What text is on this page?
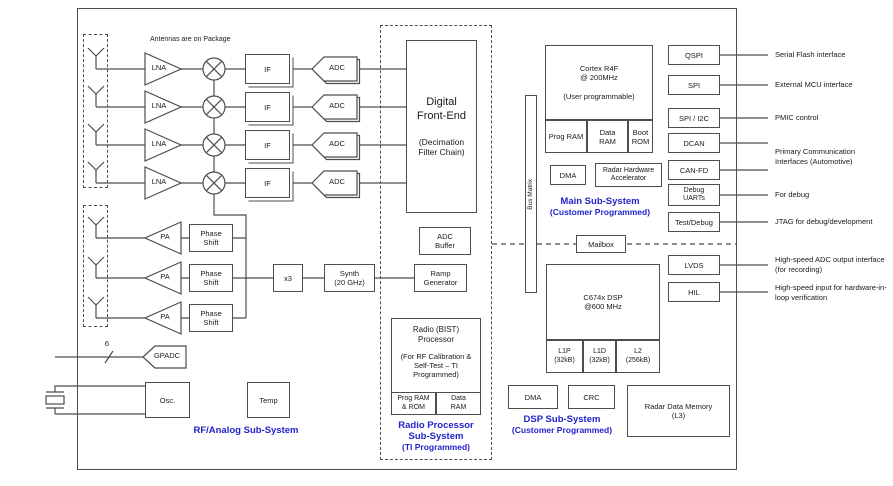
Antennas are on Package
LNA
LNA
LNA
LNA
IF
IF
IF
IF
ADC
ADC
ADC
ADC
PA
PA
PA
Phase Shift
Phase Shift
Phase Shift
x3	Synth
(20 GHz)
GPADC
6
Osc.	Temp
RF/Analog Sub-System
Digital Front-End
(Decimation Filter Chain)
ADC Buffer
Ramp Generator
Radio (BIST) Processor
(For RF Calibration & Self-Test – TI Programmed)
Prog RAM & ROM
Data RAM
Radio Processor Sub-System
(TI Programmed)
Bus Matrix
Cortex R4F
@ 200MHz
(User programmable)
Prog RAM	Data RAM
Boot ROM
DMA
Radar Hardware Accelerator
Main Sub-System
(Customer Programmed)
Mailbox
C674x DSP
@600 MHz
L1P (32kB)
L1D (32kB)
L2 (256kB)
DMA	CRC
DSP Sub-System
(Customer Programmed)
Radar Data Memory
(L3)
QSPI
SPI
SPI / I2C
DCAN
CAN-FD
Debug UARTs
Test/Debug
LVDS
HIL
Serial Flash interface
External MCU interface
PMIC control
Primary Communication Interfaces (Automotive)
For debug
JTAG for debug/development
High-speed ADC output interface (for recording)
High-speed input for hardware-in-loop verification
